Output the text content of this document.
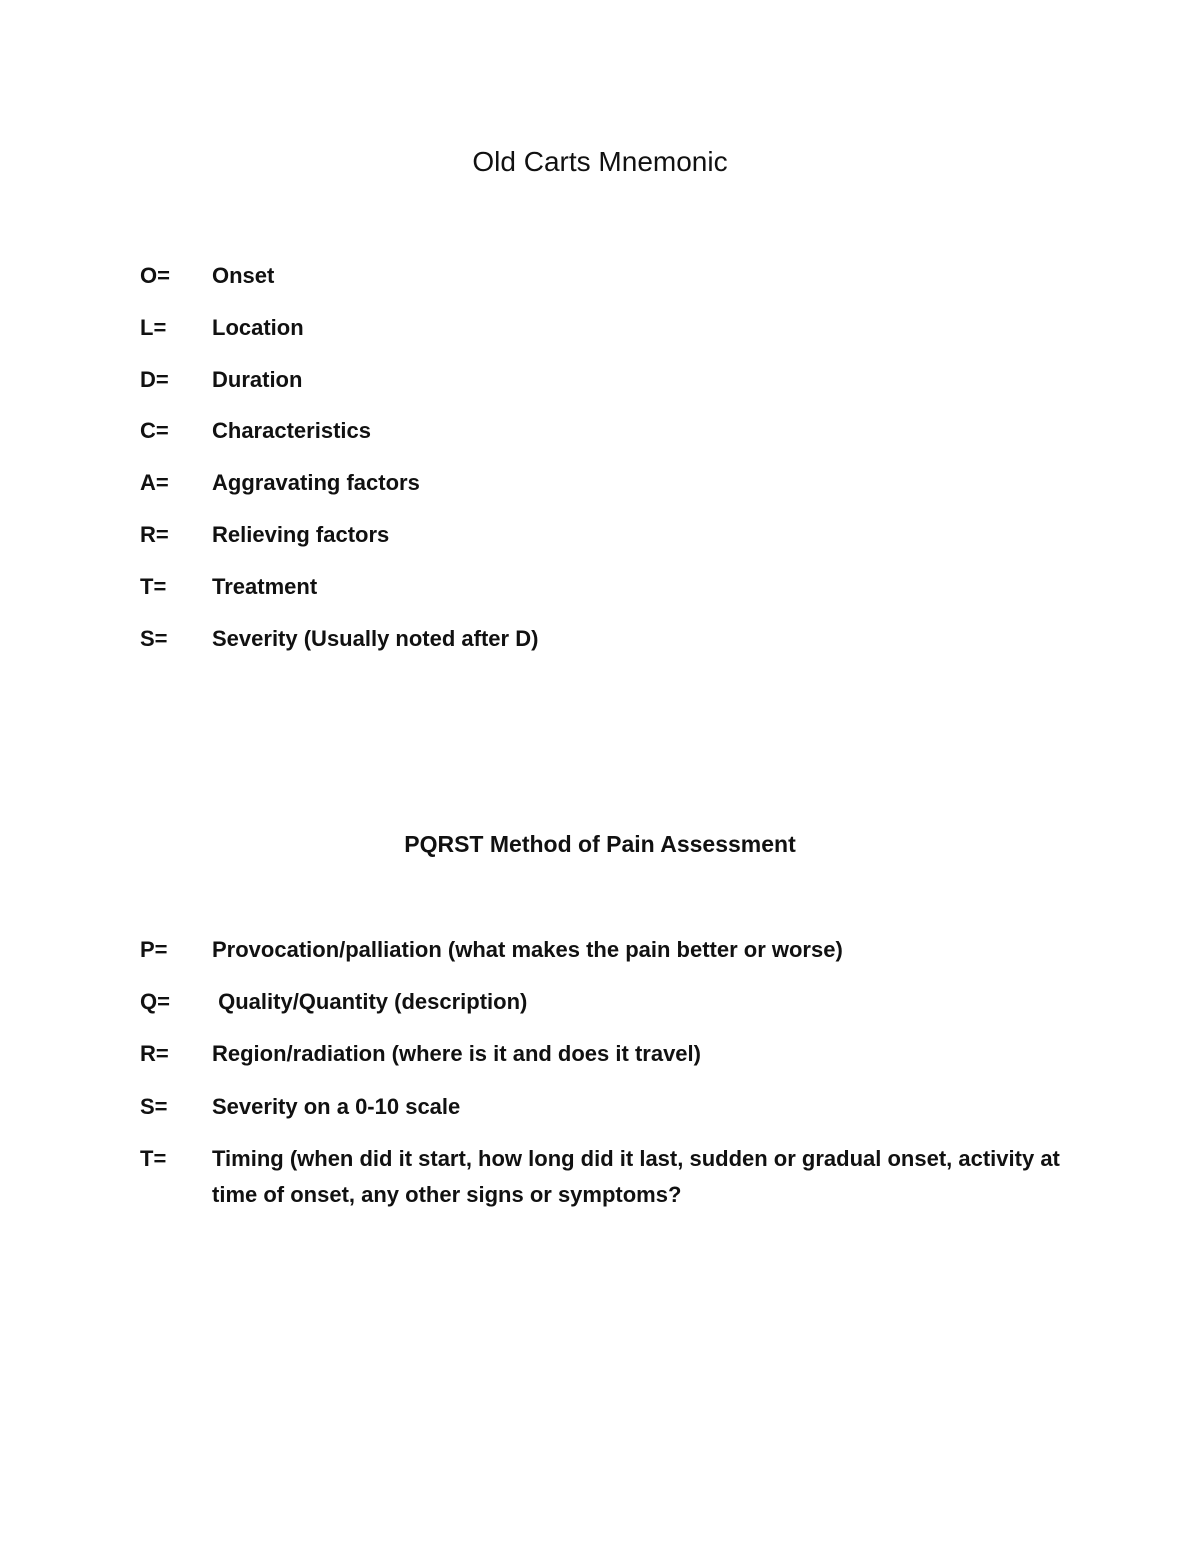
Old Carts Mnemonic
O=	Onset
L=	Location
D=	Duration
C=	Characteristics
A=	Aggravating factors
R=	Relieving factors
T=	Treatment
S=	Severity (Usually noted after D)
PQRST Method of Pain Assessment
P=	Provocation/palliation (what makes the pain better or worse)
Q=	Quality/Quantity (description)
R=	Region/radiation (where is it and does it travel)
S=	Severity on a 0-10 scale
T=	Timing (when did it start, how long did it last, sudden or gradual onset, activity at time of onset, any other signs or symptoms?
